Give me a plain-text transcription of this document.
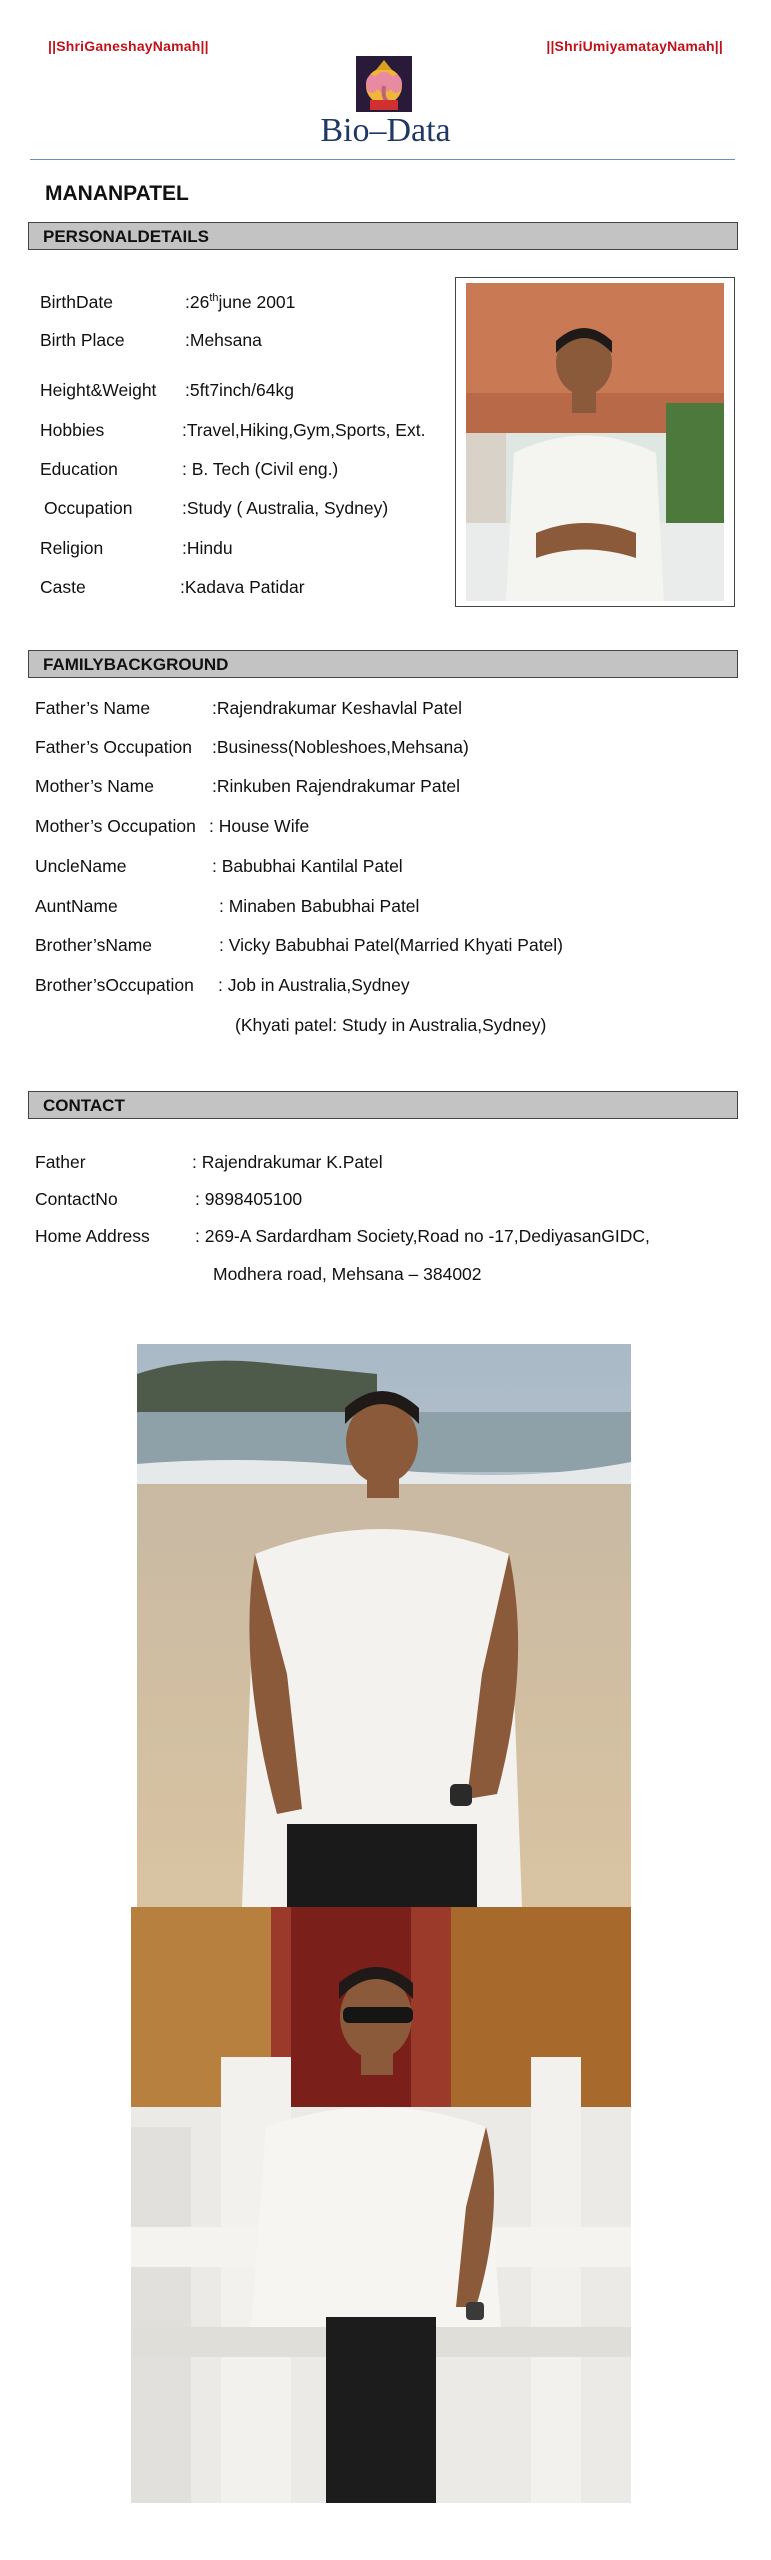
||ShriGaneshayNamah||	||ShriUmiyamatayNamah||
Bio–Data
MANANPATEL
PERSONALDETAILS
BirthDate	:26thjune 2001
Birth Place	:Mehsana
Height&Weight :5ft7inch/64kg
Hobbies	:Travel,Hiking,Gym,Sports, Ext.
Education	: B. Tech (Civil eng.)
Occupation	:Study ( Australia, Sydney)
Religion	:Hindu
Caste	:Kadava Patidar
FAMILYBACKGROUND
Father’s Name	:Rajendrakumar Keshavlal Patel
Father’s Occupation :Business(Nobleshoes,Mehsana)
Mother’s Name	:Rinkuben Rajendrakumar Patel
Mother’s Occupation : House Wife
UncleName	: Babubhai Kantilal Patel
AuntName	: Minaben Babubhai Patel
Brother’sName	: Vicky Babubhai Patel(Married Khyati Patel)
Brother’sOccupation : Job in Australia,Sydney
(Khyati patel: Study in Australia,Sydney)
CONTACT
Father	: Rajendrakumar K.Patel
ContactNo	: 9898405100
Home Address	: 269-A Sardardham Society,Road no -17,DediyasanGIDC,
Modhera road, Mehsana – 384002
